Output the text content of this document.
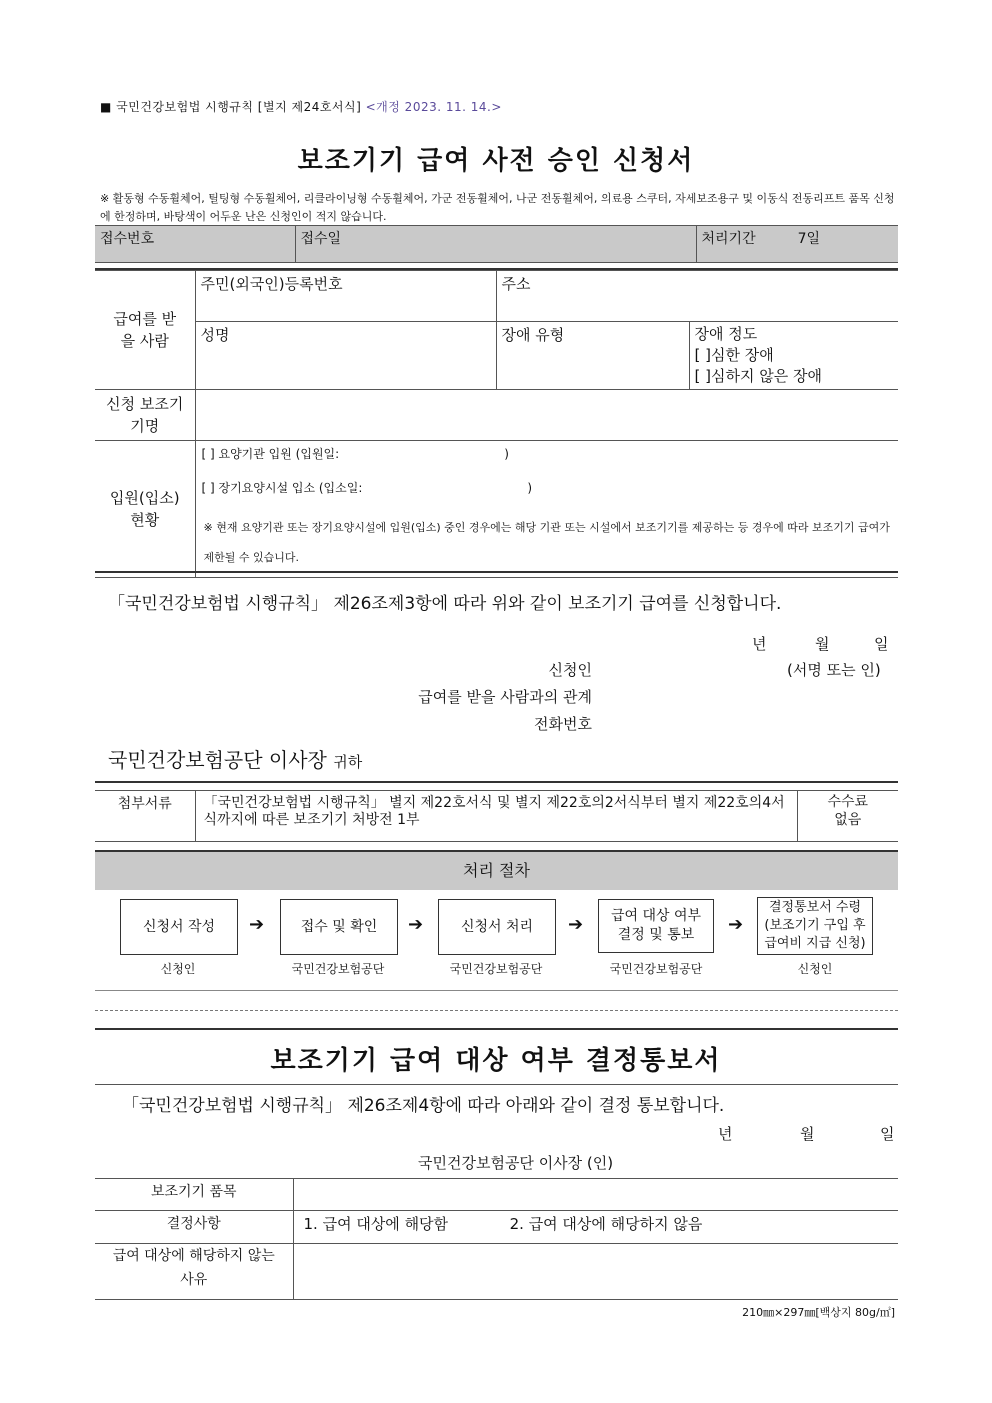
■ 국민건강보험법 시행규칙 [별지 제24호서식] <개정 2023. 11. 14.>
보조기기 급여 사전 승인 신청서
※ 활동형 수동휠체어, 틸팅형 수동휠체어, 리클라이닝형 수동휠체어, 가군 전동휠체어, 나군 전동휠체어, 의료용 스쿠터, 자세보조용구 및 이동식 전동리프트 품목 신청에 한정하며, 바탕색이 어두운 난은 신청인이 적지 않습니다.
접수번호	접수일	처리기간	7일
급여를 받을 사람	주민(외국인)등록번호	주소	
	성명	장애 유형	장애 정도
[ ]심한 장애
[ ]심하지 않은 장애

신청 보조기기명			
입원(입소) 현황	[ ] 요양기관 입원 (입원일: )
[ ] 장기요양시설 입소 (입소일: )
※ 현재 요양기관 또는 장기요양시설에 입원(입소) 중인 경우에는 해당 기관 또는 시설에서 보조기기를 제공하는 등 경우에 따라 보조기기 급여가 제한될 수 있습니다.		
「국민건강보험법 시행규칙」 제26조제3항에 따라 위와 같이 보조기기 급여를 신청합니다.
년	월	일
신청인	(서명 또는 인)
급여를 받을 사람과의 관계
전화번호
국민건강보험공단 이사장 귀하
첨부서류	「국민건강보험법 시행규칙」 별지 제22호서식 및 별지 제22호의2서식부터 별지 제22호의4서식까지에 따른 보조기기 처방전 1부	
수수료
없음
처리 절차
신청서 작성	접수 및 확인	신청서 처리
급여 대상 여부 결정 및 통보
결정통보서 수령 (보조기기 구입 후 급여비 지급 신청)
➔	➔	➔	➔
신청인	국민건강보험공단	국민건강보험공단	국민건강보험공단	신청인
보조기기 급여 대상 여부 결정통보서
「국민건강보험법 시행규칙」 제26조제4항에 따라 아래와 같이 결정 통보합니다.
년	월	일
국민건강보험공단 이사장 (인)
보조기기 품목	
결정사항	1. 급여 대상에 해당함 2. 급여 대상에 해당하지 않음
급여 대상에 해당하지 않는 사유	
210㎜×297㎜[백상지 80g/㎡]
